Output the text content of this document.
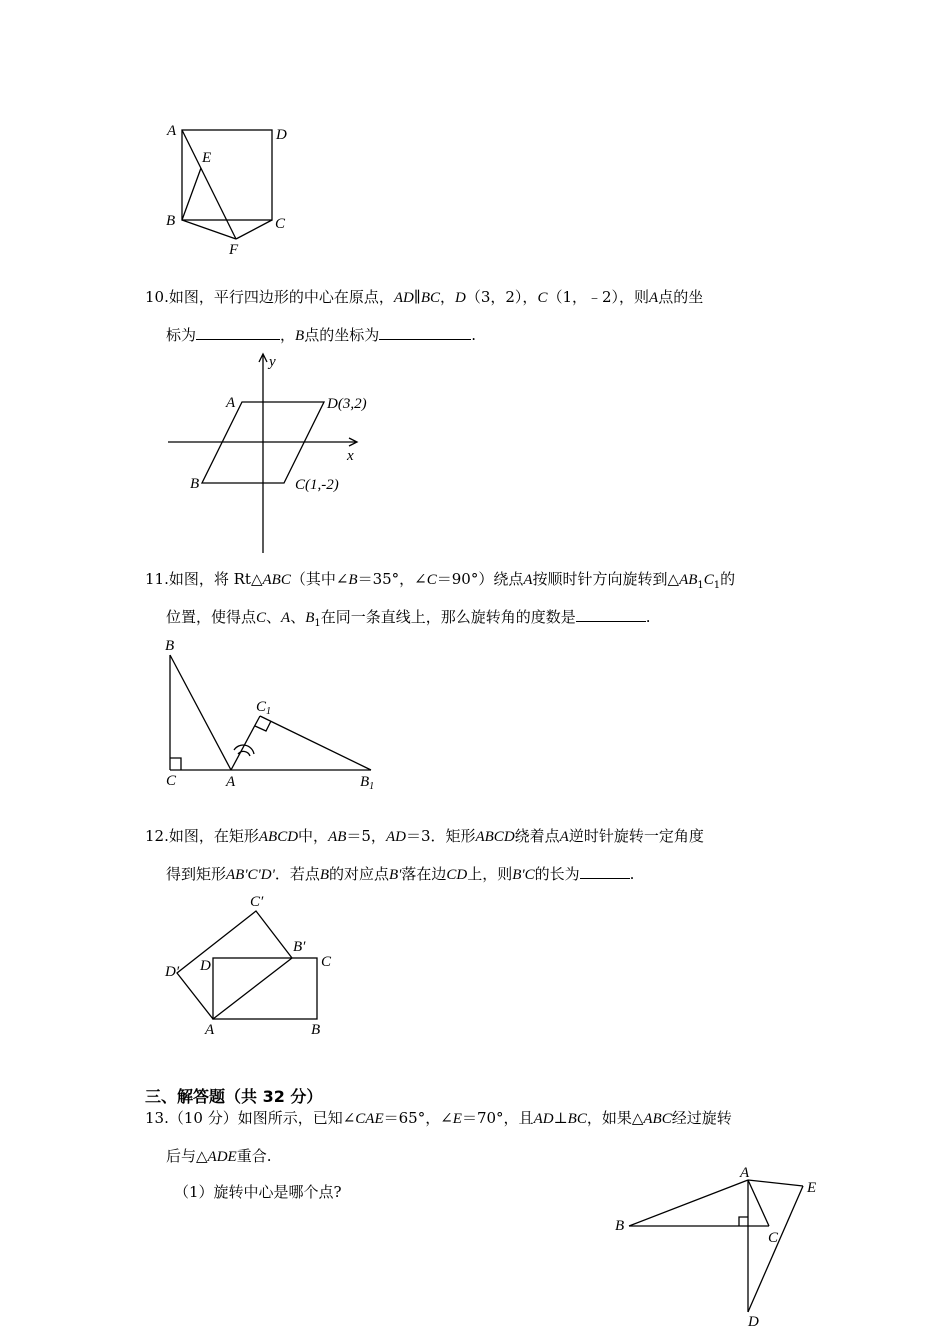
A	D
E
B	C
F
10.如图，平行四边形的中心在原点，AD∥BC，D（3，2），C（1，﹣2），则A点的坐
标为	，B点的坐标为	.
y
A	D(3,2)
x
B	C(1,-2)
11.如图，将 Rt△ABC（其中∠B＝35°，∠C＝90°）绕点A按顺时针方向旋转到$\triangle AB_1C_1$的
位置，使得点C、A、$B_1$在同一条直线上，那么旋转角的度数是	.
B
$C_1$
C	A	$B_1$
12.如图，在矩形ABCD中，AB＝5，AD＝3．矩形ABCD绕着点A逆时针旋转一定角度
得到矩形AB'C'D'．若点B的对应点B'落在边CD上，则B'C的长为	.
C′
B′
C
D′ D
A	B
三、解答题（共 32 分）
13.（10 分）如图所示，已知∠CAE＝65°，∠E＝70°，且AD⊥BC，如果△ABC经过旋转
后与△ADE重合.
（1）旋转中心是哪个点?
A
E
B
C
D
